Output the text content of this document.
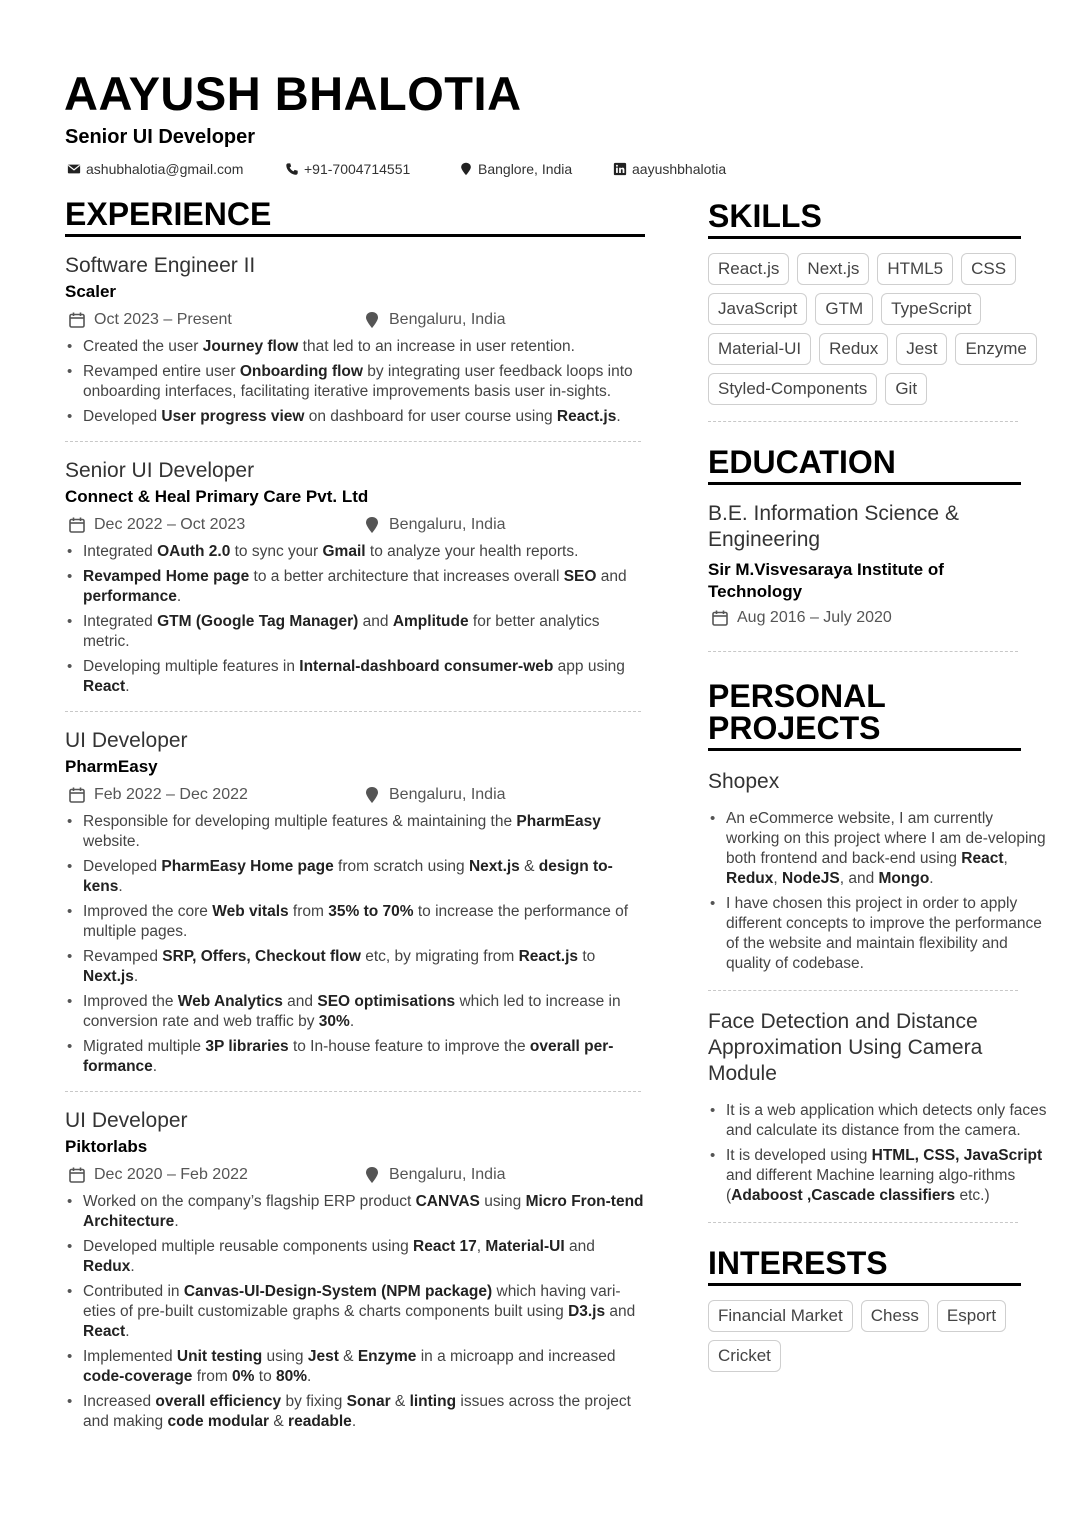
AAYUSH BHALOTIA
Senior UI Developer
ashubhalotia@gmail.com	+91-7004714551	Banglore, India	aayushbhalotia
EXPERIENCE
Software Engineer II
Scaler
Oct 2023 – Present	Bengaluru, India
• Created the user Journey flow that led to an increase in user retention.
• Revamped entire user Onboarding flow by integrating user feedback loops into onboarding interfaces, facilitating iterative improvements basis user in-sights.
• Developed User progress view on dashboard for user course using React.js.
Senior UI Developer
Connect & Heal Primary Care Pvt. Ltd
Dec 2022 – Oct 2023	Bengaluru, India
• Integrated OAuth 2.0 to sync your Gmail to analyze your health reports.
• Revamped Home page to a better architecture that increases overall SEO and performance.
• Integrated GTM (Google Tag Manager) and Amplitude for better analytics metric.
• Developing multiple features in Internal-dashboard consumer-web app using React.
UI Developer
PharmEasy
Feb 2022 – Dec 2022	Bengaluru, India
• Responsible for developing multiple features & maintaining the PharmEasy website.
• Developed PharmEasy Home page from scratch using Next.js & design to-kens.
• Improved the core Web vitals from 35% to 70% to increase the performance of multiple pages.
• Revamped SRP, Offers, Checkout flow etc, by migrating from React.js to Next.js.
• Improved the Web Analytics and SEO optimisations which led to increase in conversion rate and web traffic by 30%.
• Migrated multiple 3P libraries to In-house feature to improve the overall per-formance.
UI Developer
Piktorlabs
Dec 2020 – Feb 2022	Bengaluru, India
• Worked on the company’s flagship ERP product CANVAS using Micro Fron-tend Architecture.
• Developed multiple reusable components using React 17, Material-UI and Redux.
• Contributed in Canvas-UI-Design-System (NPM package) which having vari-eties of pre-built customizable graphs & charts components built using D3.js and React.
• Implemented Unit testing using Jest & Enzyme in a microapp and increased code-coverage from 0% to 80%.
• Increased overall efficiency by fixing Sonar & linting issues across the project and making code modular & readable.
SKILLS
React.js	Next.js	HTML5	CSS
JavaScript	GTM	TypeScript
Material-UI	Redux	Jest	Enzyme
Styled-Components	Git
EDUCATION
B.E. Information Science & Engineering
Sir M.Visvesaraya Institute of Technology
Aug 2016 – July 2020
PERSONAL PROJECTS
Shopex
• An eCommerce website, I am currently working on this project where I am de-veloping both frontend and back-end using React, Redux, NodeJS, and Mongo.
• I have chosen this project in order to apply different concepts to improve the performance of the website and maintain flexibility and quality of codebase.
Face Detection and Distance Approximation Using Camera Module
• It is a web application which detects only faces and calculate its distance from the camera.
• It is developed using HTML, CSS, JavaScript and different Machine learning algo-rithms (Adaboost ,Cascade classifiers etc.)
INTERESTS
Financial Market	Chess	Esport
Cricket
